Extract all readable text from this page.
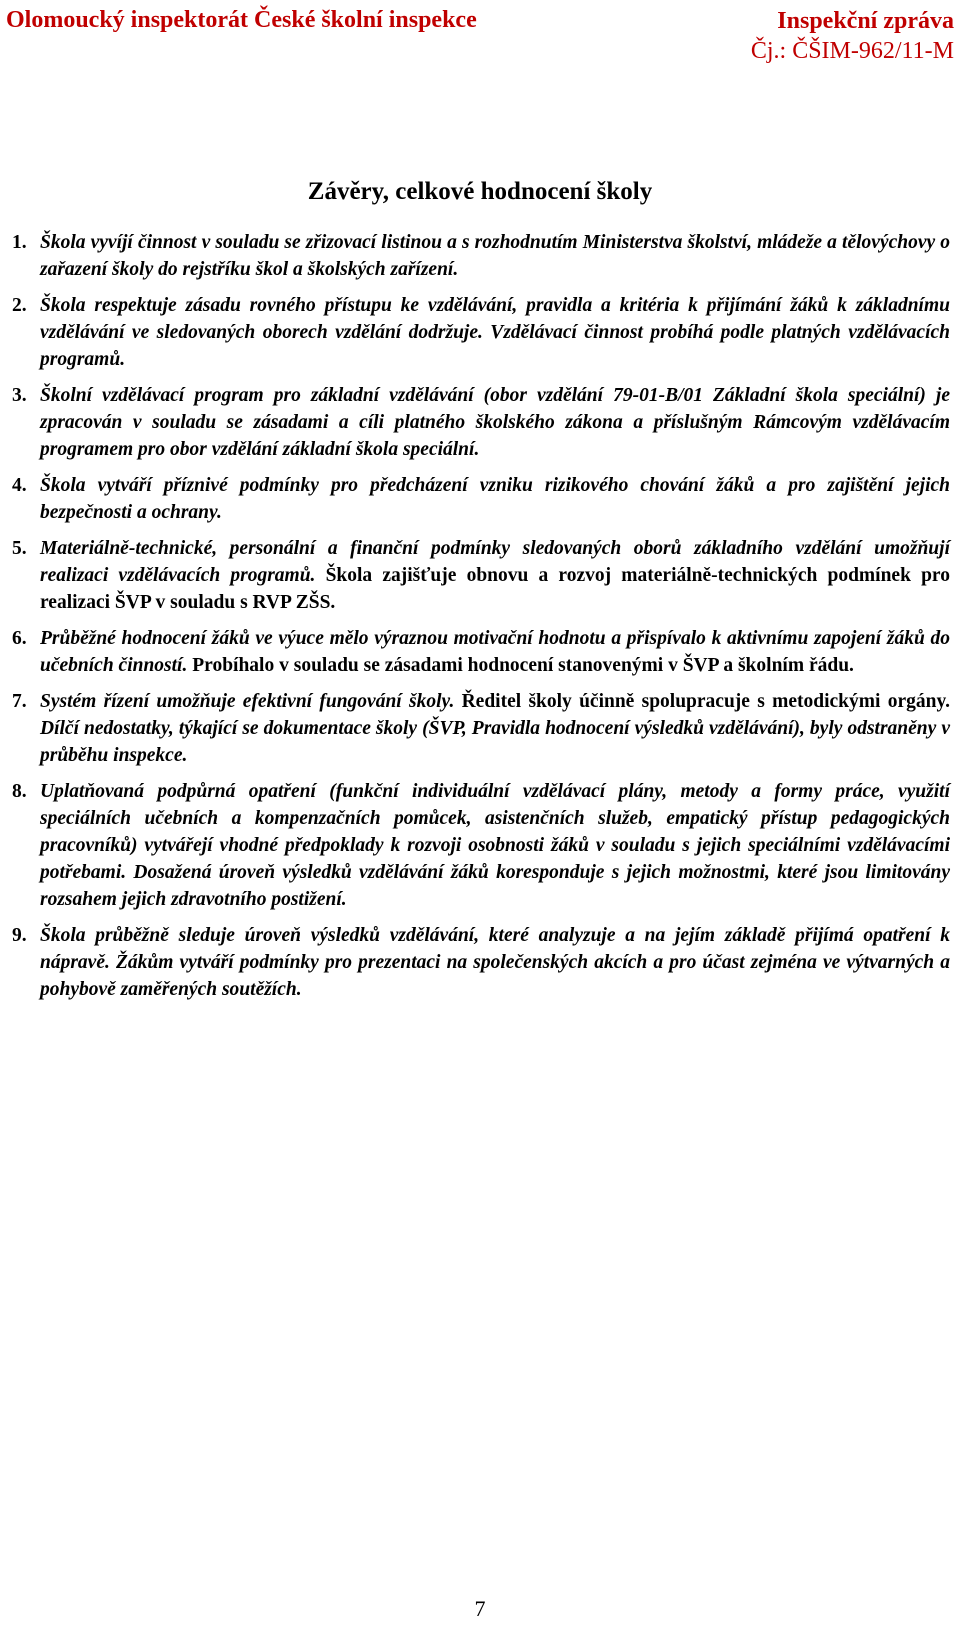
Olomoucký inspektorát České školní inspekce	Inspekční zpráva
Čj.: ČŠIM-962/11-M
Závěry, celkové hodnocení školy
1. Škola vyvíjí činnost v souladu se zřizovací listinou a s rozhodnutím Ministerstva školství, mládeže a tělovýchovy o zařazení školy do rejstříku škol a školských zařízení.
2. Škola respektuje zásadu rovného přístupu ke vzdělávání, pravidla a kritéria k přijímání žáků k základnímu vzdělávání ve sledovaných oborech vzdělání dodržuje. Vzdělávací činnost probíhá podle platných vzdělávacích programů.
3. Školní vzdělávací program pro základní vzdělávání (obor vzdělání 79-01-B/01 Základní škola speciální) je zpracován v souladu se zásadami a cíli platného školského zákona a příslušným Rámcovým vzdělávacím programem pro obor vzdělání základní škola speciální.
4. Škola vytváří příznivé podmínky pro předcházení vzniku rizikového chování žáků a pro zajištění jejich bezpečnosti a ochrany.
5. Materiálně-technické, personální a finanční podmínky sledovaných oborů základního vzdělání umožňují realizaci vzdělávacích programů. Škola zajišťuje obnovu a rozvoj materiálně-technických podmínek pro realizaci ŠVP v souladu s RVP ZŠS.
6. Průběžné hodnocení žáků ve výuce mělo výraznou motivační hodnotu a přispívalo k aktivnímu zapojení žáků do učebních činností. Probíhalo v souladu se zásadami hodnocení stanovenými v ŠVP a školním řádu.
7. Systém řízení umožňuje efektivní fungování školy. Ředitel školy účinně spolupracuje s metodickými orgány. Dílčí nedostatky, týkající se dokumentace školy (ŠVP, Pravidla hodnocení výsledků vzdělávání), byly odstraněny v průběhu inspekce.
8. Uplatňovaná podpůrná opatření (funkční individuální vzdělávací plány, metody a formy práce, využití speciálních učebních a kompenzačních pomůcek, asistenčních služeb, empatický přístup pedagogických pracovníků) vytvářejí vhodné předpoklady k rozvoji osobnosti žáků v souladu s jejich speciálními vzdělávacími potřebami. Dosažená úroveň výsledků vzdělávání žáků koresponduje s jejich možnostmi, které jsou limitovány rozsahem jejich zdravotního postižení.
9. Škola průběžně sleduje úroveň výsledků vzdělávání, které analyzuje a na jejím základě přijímá opatření k nápravě. Žákům vytváří podmínky pro prezentaci na společenských akcích a pro účast zejména ve výtvarných a pohybově zaměřených soutěžích.
7
